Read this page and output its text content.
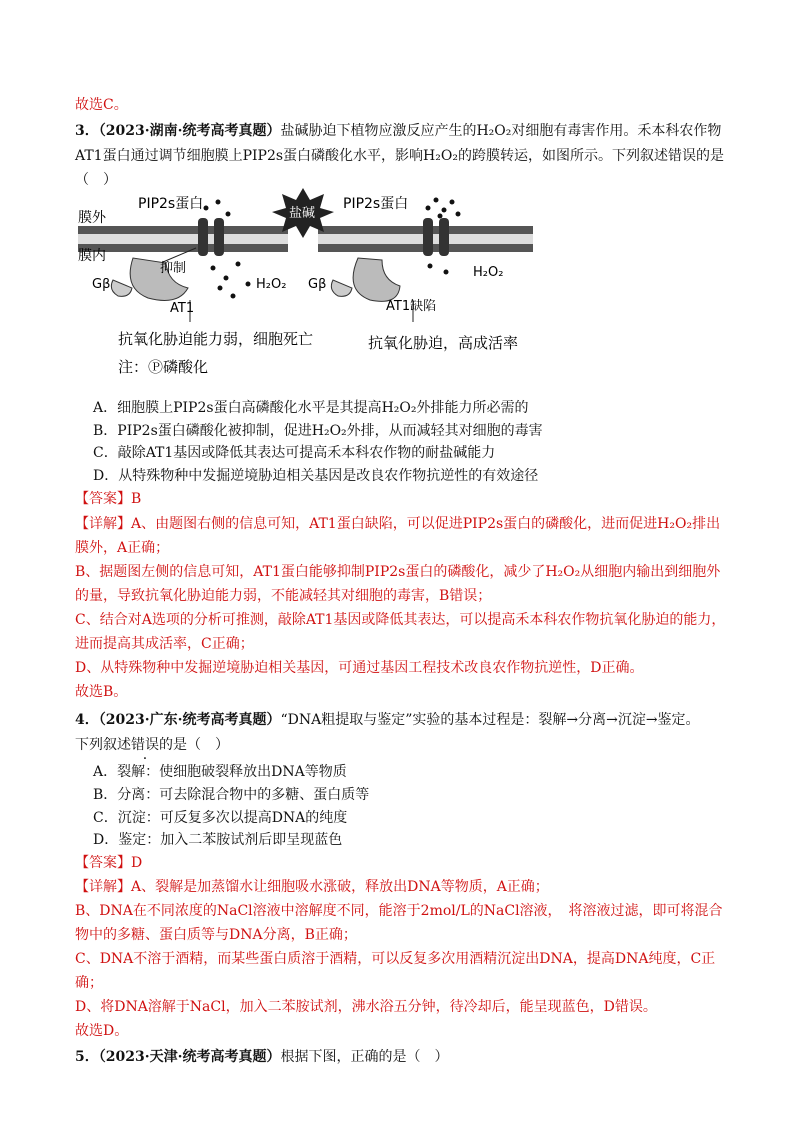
故选C。
3．（2023·湖南·统考高考真题）盐碱胁迫下植物应激反应产生的H₂O₂对细胞有毒害作用。禾本科农作物
AT1蛋白通过调节细胞膜上PIP2s蛋白磷酸化水平，影响H₂O₂的跨膜转运，如图所示。下列叙述错误的是
（　）
膜外
膜内
PIP2s蛋白	PIP2s蛋白
盐碱
抑制
Gβ	Gβ
AT1	AT1缺陷
H₂O₂
H₂O₂
抗氧化胁迫能力弱，细胞死亡	抗氧化胁迫，高成活率
注：Ⓟ磷酸化
A．细胞膜上PIP2s蛋白高磷酸化水平是其提高H₂O₂外排能力所必需的
B．PIP2s蛋白磷酸化被抑制，促进H₂O₂外排，从而减轻其对细胞的毒害
C．敲除AT1基因或降低其表达可提高禾本科农作物的耐盐碱能力
D．从特殊物种中发掘逆境胁迫相关基因是改良农作物抗逆性的有效途径
【答案】B
【详解】A、由题图右侧的信息可知，AT1蛋白缺陷，可以促进PIP2s蛋白的磷酸化，进而促进H₂O₂排出
膜外，A正确；
B、据题图左侧的信息可知，AT1蛋白能够抑制PIP2s蛋白的磷酸化，减少了H₂O₂从细胞内输出到细胞外
的量，导致抗氧化胁迫能力弱，不能减轻其对细胞的毒害，B错误；
C、结合对A选项的分析可推测，敲除AT1基因或降低其表达，可以提高禾本科农作物抗氧化胁迫的能力，
进而提高其成活率，C正确；
D、从特殊物种中发掘逆境胁迫相关基因，可通过基因工程技术改良农作物抗逆性，D正确。
故选B。
4．（2023·广东·统考高考真题）“DNA粗提取与鉴定”实验的基本过程是：裂解→分离→沉淀→鉴定。
下列叙述错误的是（　）
A．裂解：使细胞破裂释放出DNA等物质
B．分离：可去除混合物中的多糖、蛋白质等
C．沉淀：可反复多次以提高DNA的纯度
D．鉴定：加入二苯胺试剂后即呈现蓝色
【答案】D
【详解】A、裂解是加蒸馏水让细胞吸水涨破，释放出DNA等物质，A正确；
B、DNA在不同浓度的NaCl溶液中溶解度不同，能溶于2mol/L的NaCl溶液，　将溶液过滤，即可将混合
物中的多糖、蛋白质等与DNA分离，B正确；
C、DNA不溶于酒精，而某些蛋白质溶于酒精，可以反复多次用酒精沉淀出DNA，提高DNA纯度，C正
确；
D、将DNA溶解于NaCl，加入二苯胺试剂，沸水浴五分钟，待冷却后，能呈现蓝色，D错误。
故选D。
5．（2023·天津·统考高考真题）根据下图，正确的是（　）
